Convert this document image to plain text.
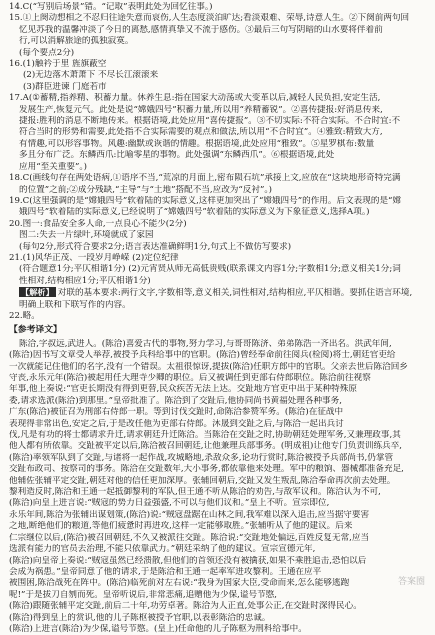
14.C(“写别后场景”错。“记取”表明此处为回忆往事。)
15.①上阕动想相之不忍归往途失意而哀伤,人生态度淡泊旷达;看淡艰难、荣辱,诗意人生。②下阕前两句回
忆见苏我的温馨冲淡了今日的离愁,感情真挚又不流于感伤。③最后三句写阴暗的山水要将伴着前
行,可以消解旅途的孤独寂寞。
(每个要点2分)
16.(1)触衿于里 旌旗蔽空
(2)无边落木萧萧下 不尽长江滚滚来
(3)群臣进谏 门庭若市
17.A(①蓄精,指养精、积蓄力量。休养生息:指在国家大动荡或大变革以后,减轻人民负担,安定生活,
发展生产,恢复元气。此处是说“嫦娥四号”积蓄力量,所以用“养精蓄锐”。②喜传捷报:好消息传来,
捷报:胜利的消息不断地传来。根据语境,此处应用“喜传捷报”。③不切实际:不符合实际。不合时宜:不
符合当时的形势和需要,此处指不合实际需要的观点和做法,所以用“不合时宜”。④雅致:精致大方,
有情趣,可以形容事物。风趣:幽默或诙谐的情趣。根据语境,此处应用“雅致”。⑤星罗棋布:数量
多且分布广泛。东鳞西爪:比喻零星的事物。此处强调“东鳞西爪”。⑥根据语境,此处
应用“至关重要”。)
18.C(画线句存在两处语病,①语序不当,“荒凉的月面上,密布陨石坑”承接上文,应放在“这块地形奇特完满
的位置”之前;②成分残缺,“主导”与“土地”搭配不当,应改为“反衬”。)
19.C(这里强调的是“嫦娥四号”软着陆的实际意义,这样更加突出了“嫦娥四号”的作用。后文表现的是“嫦
娥四号”软着陆的实际意义,已经说明了“嫦娥四号”软着陆的实际意义为下象征意义,选择A项。)
20.图一:食品安全多人命,一点良心不能少(2分)
图二:失去一片绿叶,环境就成了家园
(每句2分,形式符合要求2分;语言表达准确鲜明1分,句式上不做仿写要求)
21.(1)风华正茂、一段岁月峥嵘 (2)定位纪律
(符合题意1分;平仄相谐1分) (2)元宵贤从师无高低贵贱(联系课文内容1分;字数相1分;意义相关1分;词
性相对,结构相应1分;平仄相谐1分)
【解析】 对联的基本要求:两行文字,字数相等,意义相关,词性相对,结构相应,平仄相谐。要抓住语言环境,
明确上联和下联写作的内容。
22.略。
【参考译文】
陈洽,字叔远,武进人。(陈洽)喜爱古代的事物,努力学习,与哥哥陈济、弟弟陈浩一齐出名。洪武年间,
(陈洽)因书写文章受人举荐,被授予兵科给事中的官职。(陈洽)曾经奉命前往阅兵(检阅)将士,朝廷官吏给
一次就能记住他们的名字,没有一个错误。太祖很惊讶,提拔(陈洽)任职方郎中的官职。父亲去世后陈洽回乡
守丧,永乐元年(陈洽)被起用任大理寺少卿的职位。后又被调任到吏部右侍郎职位。陈洽前往视察
年事,他上奏说:“官吏长期没有得到更替,民众疾苦无法上达。交趾地方官吏中出于某种特殊原
委,请求选派(陈洽)到那里。”皇帝批准了。陈洽到了交趾后,他协同尚书黄福处理各种事务,
广东(陈洽)被征召为刑部右侍郎一职。等到讨伐交趾时,命陈洽参赞军务。(陈洽)在征战中
表现得非常出色,安定之后,于是改任他为吏部右侍郎。沐晟到交趾之后,与陈洽一起出兵讨
伐,凡是有功的将士都请求升迁,请求朝廷升迁陈洽。当陈洽在交趾之时,协助朝廷处理军务,又兼理政事,其
他人都有所依靠。交趾被平定以后,陈洽被召回朝廷,让他兼理兵部事务。(明成祖)让他专门负责训练兵卒,
(陈洽)率领军队到了交趾,与诸将一起作战,攻城略地,杀敌众多,论功行赏时,陈洽被授予兵部尚书,仍掌管
交趾布政司、按察司的事务。陈洽在交趾数年,大小事务,都依靠他来处理。军中的粮饷、器械都准备充足,
他辅佐张辅平定交趾,朝廷对他的信任更加深厚。张辅回朝后,交趾又发生叛乱,陈洽奉命再次前去处理。
黎利造反时,陈洽和王通一起抵御黎利的军队,但王通不听从陈洽的劝告,与敌军议和。陈洽认为不可,
(陈洽)向皇上进言说:“贼寇的势力日益强盛,不可以与他们议和。”皇上不听。宣宗即位,
永乐年间,陈洽为张辅出谋划策,(陈洽)说:“贼寇盘踞在山林之间,我军难以深入追击,应当据守要害
之地,断绝他们的粮道,等他们疲惫时再进攻,这样一定能够取胜。”张辅听从了他的建议。后来
仁宗继位以后,(陈洽)被召回朝廷,不久又被派往交趾。陈洽说:“交趾地处偏远,百姓反复无常,应当
选派有能力的官员去治理,不能只依靠武力。”朝廷采纳了他的建议。宣宗宣德元年,
(陈洽)向皇帝上奏说:“贼寇虽然已经溃散,但他们的首领还没有被擒获,如果不乘胜追击,恐怕以后
会成为祸患。”皇帝同意了他的请求,于是陈洽和王通一起率军进攻黎利。王通在应平
被围困,陈洽战死在阵中。(陈洽)临死前对左右说:“我身为国家大臣,受命而来,怎么能够逃跑
呢!”于是拔刀自刎而死。皇帝听说后,非常悲痛,追赠他为少保,谥号节愍,
(陈洽)跟随张辅平定交趾,前后二十年,功劳卓著。陈洽为人正直,处事公正,在交趾时深得民心。
(陈洽)得到皇上的赏识,他的儿子陈枢被授予官职,以表彰陈洽的忠诚。
(陈洽)上进言(陈洽)为少保,谥号节愍。(皇上)任命他的儿子陈枢为刑科给事中。
答案圈
